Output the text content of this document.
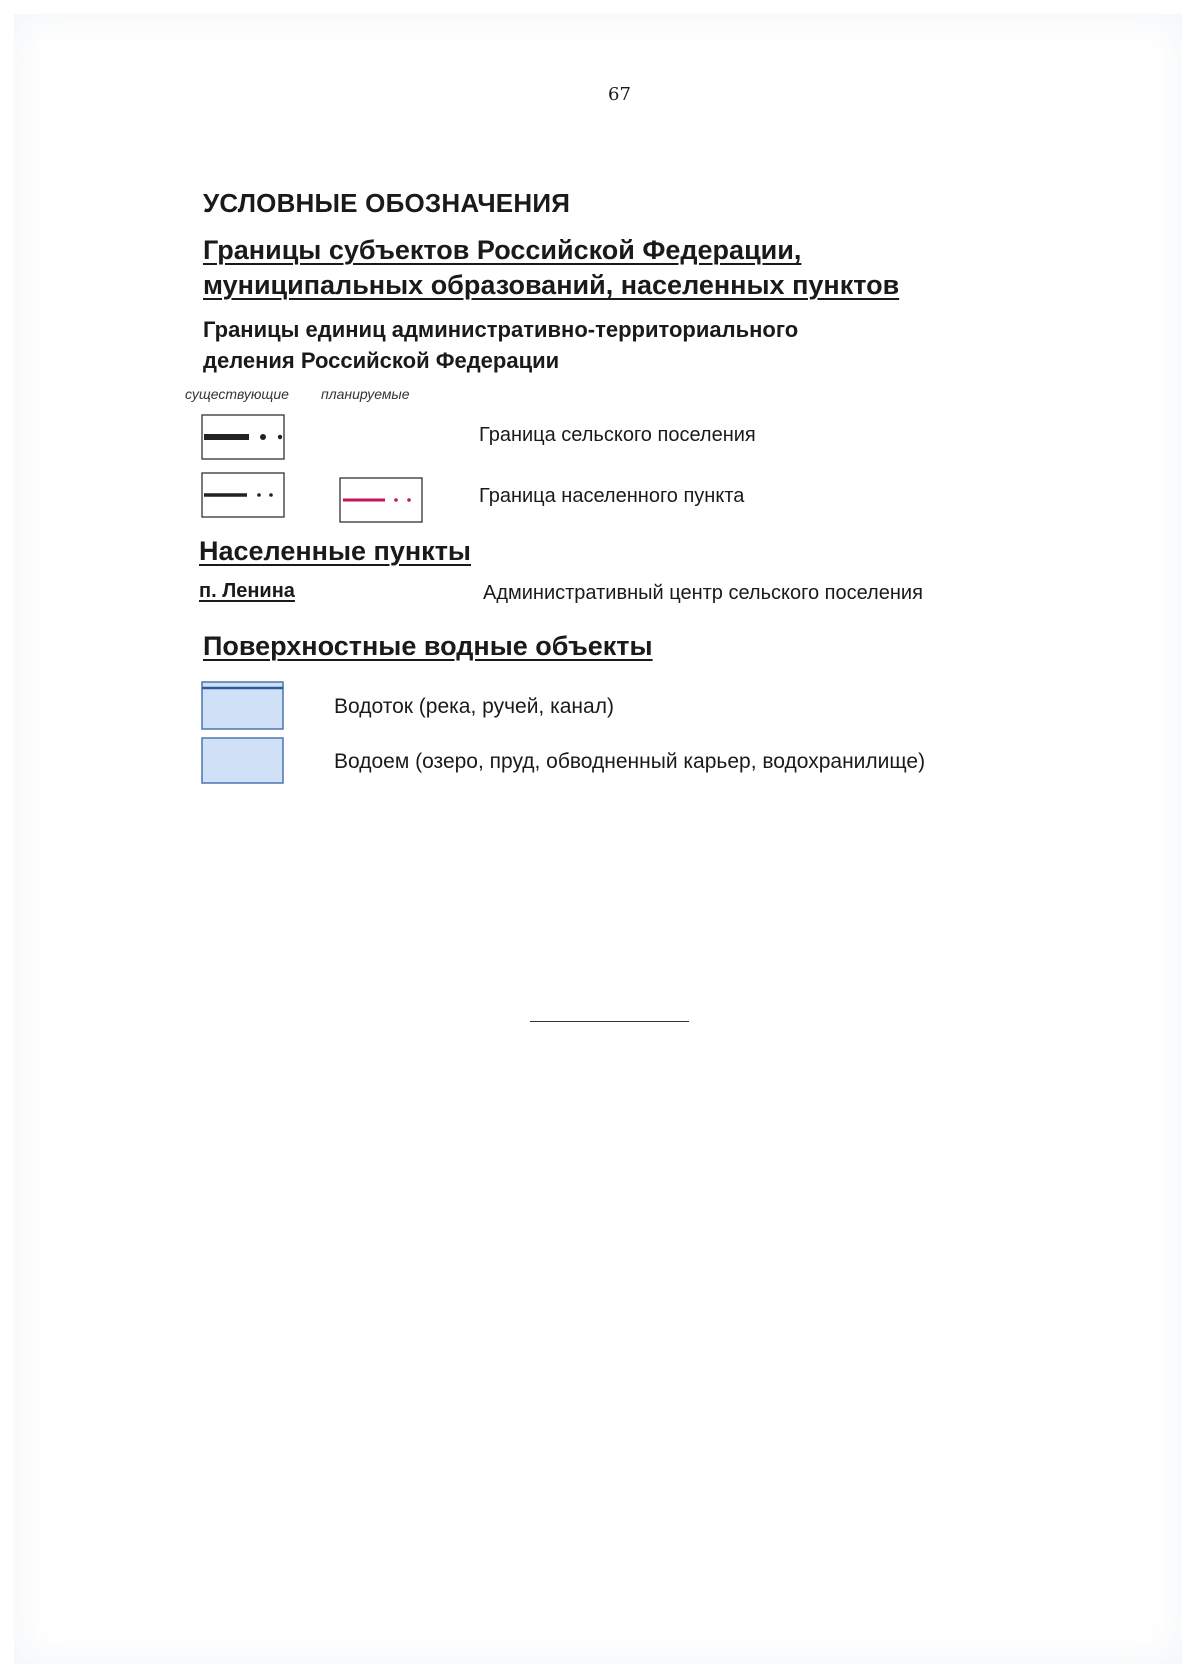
67
УСЛОВНЫЕ ОБОЗНАЧЕНИЯ
Границы субъектов Российской Федерации,
муниципальных образований, населенных пунктов
Границы единиц административно-территориального
деления Российской Федерации
существующие планируемые
Граница сельского поселения
Граница населенного пункта
Населенные пункты
п. Ленина	Административный центр сельского поселения
Поверхностные водные объекты
Водоток (река, ручей, канал)
Водоем (озеро, пруд, обводненный карьер, водохранилище)
